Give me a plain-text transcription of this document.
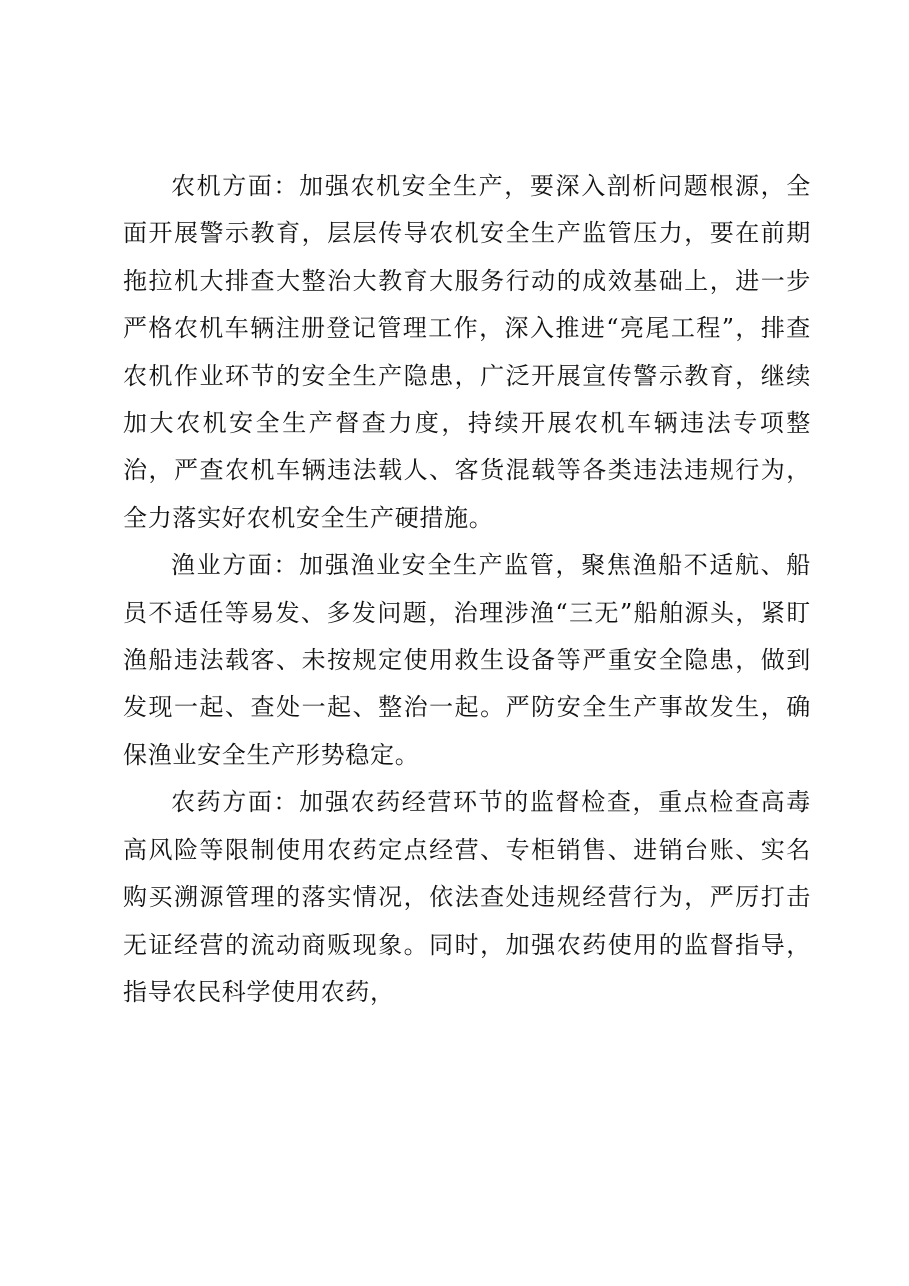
农机方面：加强农机安全生产，要深入剖析问题根源，全面开展警示教育，层层传导农机安全生产监管压力，要在前期拖拉机大排查大整治大教育大服务行动的成效基础上，进一步严格农机车辆注册登记管理工作，深入推进“亮尾工程”，排查农机作业环节的安全生产隐患，广泛开展宣传警示教育，继续加大农机安全生产督查力度，持续开展农机车辆违法专项整治，严查农机车辆违法载人、客货混载等各类违法违规行为，全力落实好农机安全生产硬措施。

渔业方面：加强渔业安全生产监管，聚焦渔船不适航、船员不适任等易发、多发问题，治理涉渔“三无”船舶源头，紧盯渔船违法载客、未按规定使用救生设备等严重安全隐患，做到发现一起、查处一起、整治一起。严防安全生产事故发生，确保渔业安全生产形势稳定。

农药方面：加强农药经营环节的监督检查，重点检查高毒高风险等限制使用农药定点经营、专柜销售、进销台账、实名购买溯源管理的落实情况，依法查处违规经营行为，严厉打击无证经营的流动商贩现象。同时，加强农药使用的监督指导，指导农民科学使用农药，
